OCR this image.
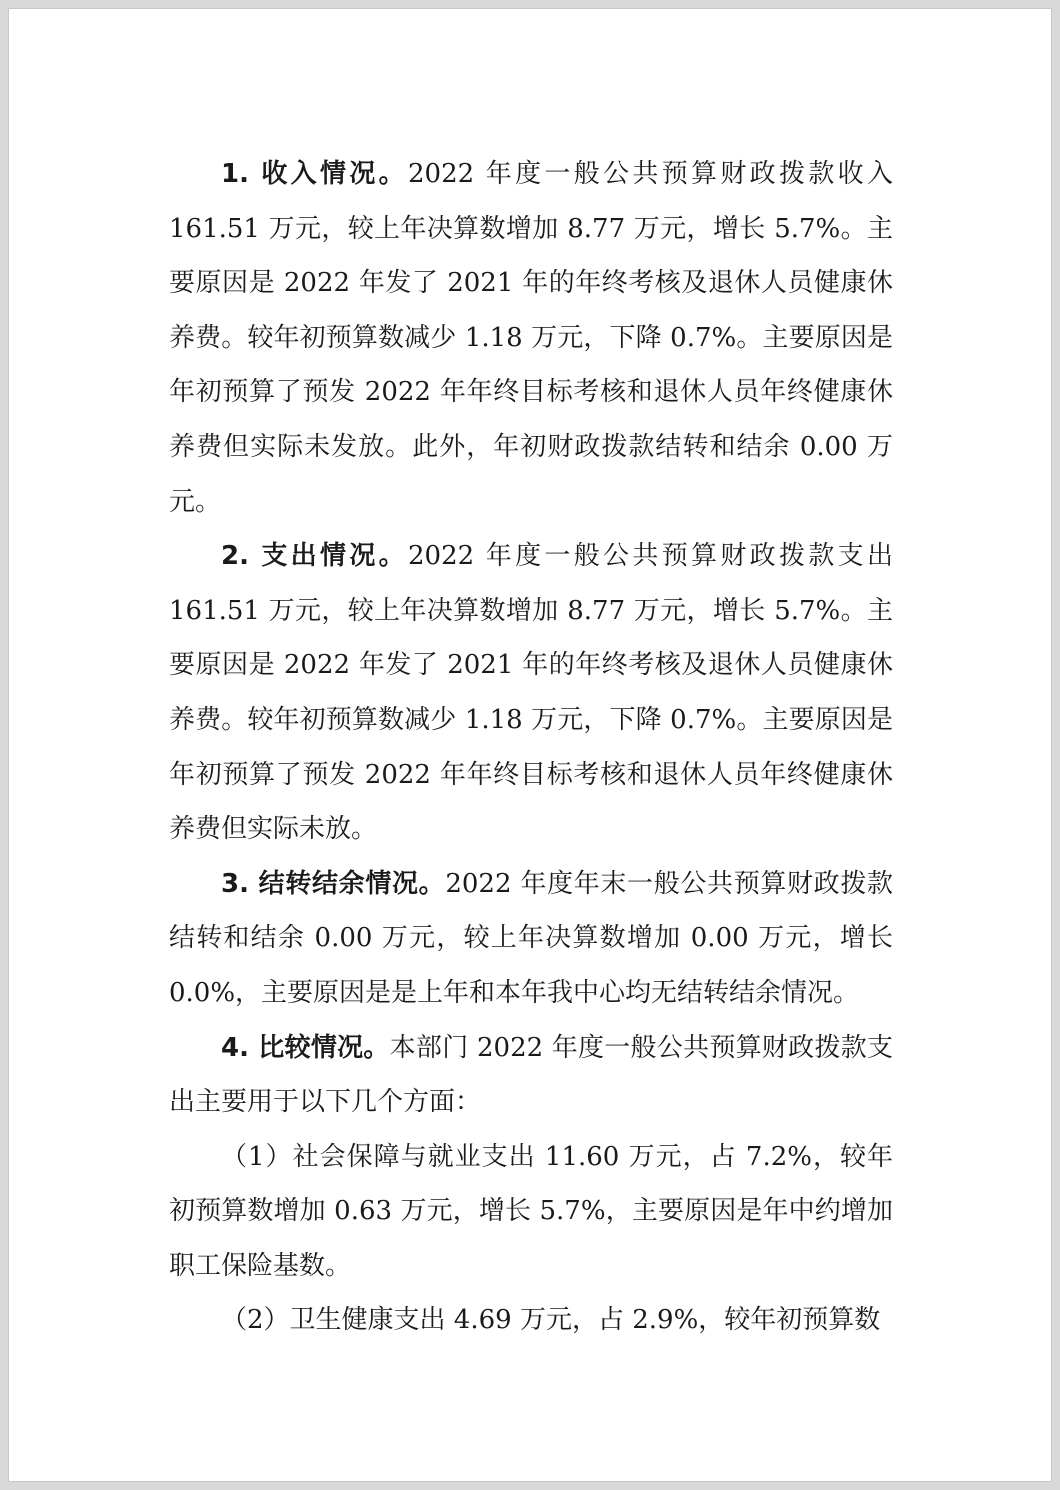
1. 收入情况。2022 年度一般公共预算财政拨款收入 161.51 万元，较上年决算数增加 8.77 万元，增长 5.7%。主要原因是 2022 年发了 2021 年的年终考核及退休人员健康休养费。较年初预算数减少 1.18 万元，下降 0.7%。主要原因是年初预算了预发 2022 年年终目标考核和退休人员年终健康休养费但实际未发放。此外，年初财政拨款结转和结余 0.00 万元。

2. 支出情况。2022 年度一般公共预算财政拨款支出 161.51 万元，较上年决算数增加 8.77 万元，增长 5.7%。主要原因是 2022 年发了 2021 年的年终考核及退休人员健康休养费。较年初预算数减少 1.18 万元，下降 0.7%。主要原因是年初预算了预发 2022 年年终目标考核和退休人员年终健康休养费但实际未放。

3. 结转结余情况。2022 年度年末一般公共预算财政拨款结转和结余 0.00 万元，较上年决算数增加 0.00 万元，增长 0.0%，主要原因是是上年和本年我中心均无结转结余情况。

4. 比较情况。本部门 2022 年度一般公共预算财政拨款支出主要用于以下几个方面：

（1）社会保障与就业支出 11.60 万元，占 7.2%，较年初预算数增加 0.63 万元，增长 5.7%，主要原因是年中约增加职工保险基数。

（2）卫生健康支出 4.69 万元，占 2.9%，较年初预算数
